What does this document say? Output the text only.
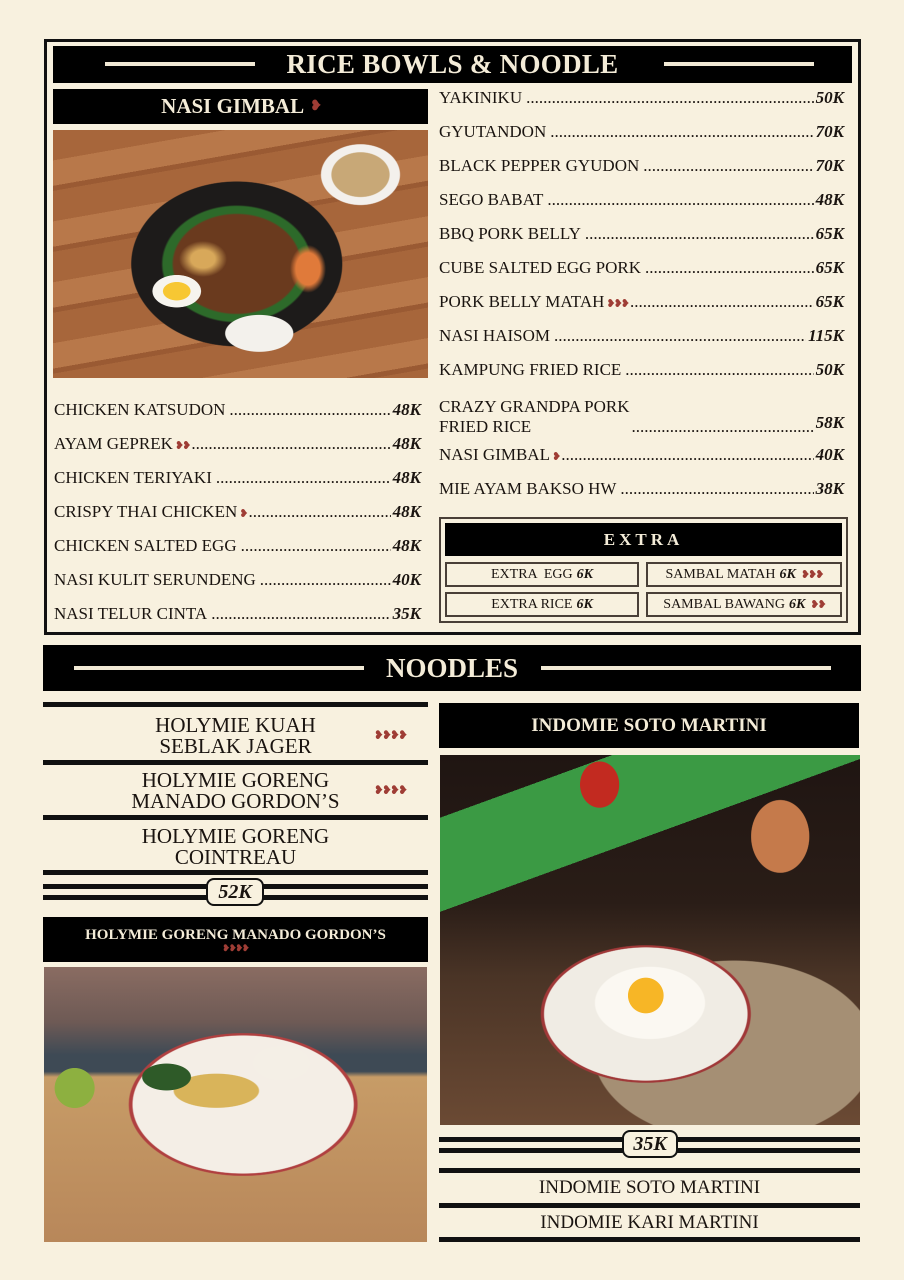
RICE BOWLS & NOODLE
NASI GIMBAL ❥
CHICKEN KATSUDON .....	48K
AYAM GEPREK ❥❥ .....	48K
CHICKEN TERIYAKI .....	48K
CRISPY THAI CHICKEN ❥ .....	48K
CHICKEN SALTED EGG .....	48K
NASI KULIT SERUNDENG .....	40K
NASI TELUR CINTA .....	35K
YAKINIKU .....	50K
GYUTANDON .....	70K
BLACK PEPPER GYUDON .....	70K
SEGO BABAT .....	48K
BBQ PORK BELLY .....	65K
CUBE SALTED EGG PORK .....	65K
PORK BELLY MATAH ❥❥❥ .....	65K
NASI HAISOM .....	115K
KAMPUNG FRIED RICE .....	50K
CRAZY GRANDPA PORK
FRIED RICE .....	58K
NASI GIMBAL ❥ .....	40K
MIE AYAM BAKSO HW .....	38K
EXTRA
EXTRA  EGG 6K	SAMBAL MATAH 6K ❥❥❥
EXTRA RICE 6K	SAMBAL BAWANG 6K ❥❥
NOODLES
HOLYMIE KUAH
SEBLAK JAGER	❥❥❥❥
HOLYMIE GORENG
MANADO GORDON’S	❥❥❥❥
HOLYMIE GORENG
COINTREAU
52K
HOLYMIE GORENG MANADO GORDON’S
❥❥❥❥
INDOMIE SOTO MARTINI
35K
INDOMIE SOTO MARTINI
INDOMIE KARI MARTINI
